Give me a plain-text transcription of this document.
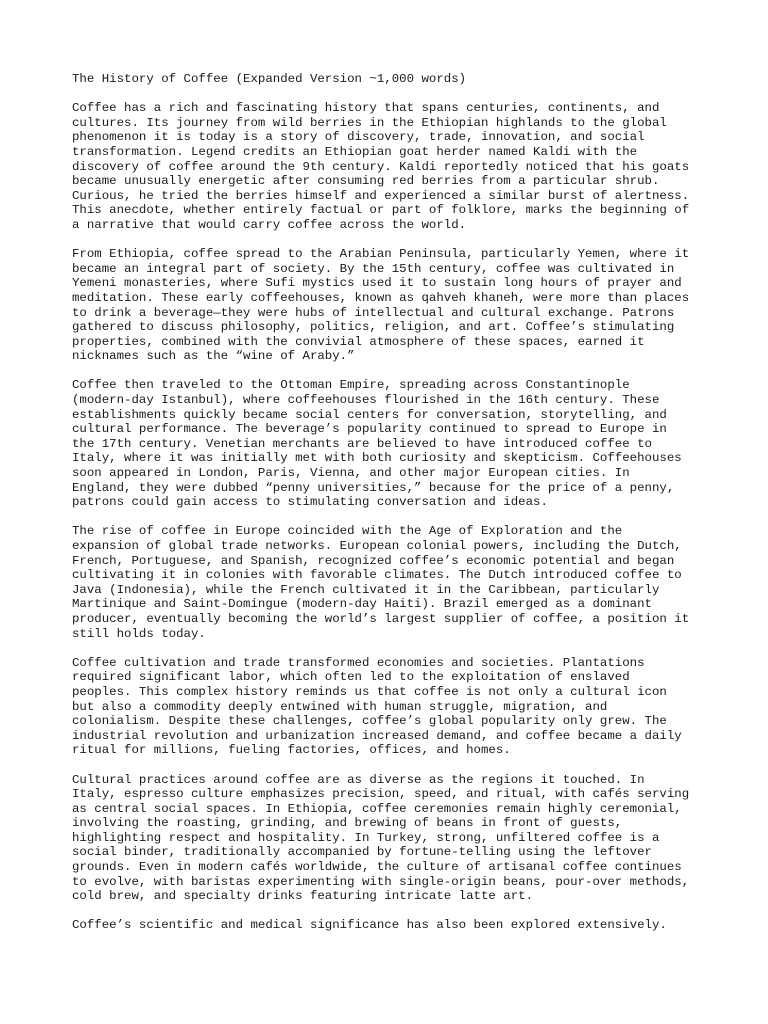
The History of Coffee (Expanded Version ~1,000 words)
Coffee has a rich and fascinating history that spans centuries, continents, and
cultures. Its journey from wild berries in the Ethiopian highlands to the global
phenomenon it is today is a story of discovery, trade, innovation, and social
transformation. Legend credits an Ethiopian goat herder named Kaldi with the
discovery of coffee around the 9th century. Kaldi reportedly noticed that his goats
became unusually energetic after consuming red berries from a particular shrub.
Curious, he tried the berries himself and experienced a similar burst of alertness.
This anecdote, whether entirely factual or part of folklore, marks the beginning of
a narrative that would carry coffee across the world.
From Ethiopia, coffee spread to the Arabian Peninsula, particularly Yemen, where it
became an integral part of society. By the 15th century, coffee was cultivated in
Yemeni monasteries, where Sufi mystics used it to sustain long hours of prayer and
meditation. These early coffeehouses, known as qahveh khaneh, were more than places
to drink a beverage—they were hubs of intellectual and cultural exchange. Patrons
gathered to discuss philosophy, politics, religion, and art. Coffee’s stimulating
properties, combined with the convivial atmosphere of these spaces, earned it
nicknames such as the “wine of Araby.”
Coffee then traveled to the Ottoman Empire, spreading across Constantinople
(modern-day Istanbul), where coffeehouses flourished in the 16th century. These
establishments quickly became social centers for conversation, storytelling, and
cultural performance. The beverage’s popularity continued to spread to Europe in
the 17th century. Venetian merchants are believed to have introduced coffee to
Italy, where it was initially met with both curiosity and skepticism. Coffeehouses
soon appeared in London, Paris, Vienna, and other major European cities. In
England, they were dubbed “penny universities,” because for the price of a penny,
patrons could gain access to stimulating conversation and ideas.
The rise of coffee in Europe coincided with the Age of Exploration and the
expansion of global trade networks. European colonial powers, including the Dutch,
French, Portuguese, and Spanish, recognized coffee’s economic potential and began
cultivating it in colonies with favorable climates. The Dutch introduced coffee to
Java (Indonesia), while the French cultivated it in the Caribbean, particularly
Martinique and Saint-Domingue (modern-day Haiti). Brazil emerged as a dominant
producer, eventually becoming the world’s largest supplier of coffee, a position it
still holds today.
Coffee cultivation and trade transformed economies and societies. Plantations
required significant labor, which often led to the exploitation of enslaved
peoples. This complex history reminds us that coffee is not only a cultural icon
but also a commodity deeply entwined with human struggle, migration, and
colonialism. Despite these challenges, coffee’s global popularity only grew. The
industrial revolution and urbanization increased demand, and coffee became a daily
ritual for millions, fueling factories, offices, and homes.
Cultural practices around coffee are as diverse as the regions it touched. In
Italy, espresso culture emphasizes precision, speed, and ritual, with cafés serving
as central social spaces. In Ethiopia, coffee ceremonies remain highly ceremonial,
involving the roasting, grinding, and brewing of beans in front of guests,
highlighting respect and hospitality. In Turkey, strong, unfiltered coffee is a
social binder, traditionally accompanied by fortune-telling using the leftover
grounds. Even in modern cafés worldwide, the culture of artisanal coffee continues
to evolve, with baristas experimenting with single-origin beans, pour-over methods,
cold brew, and specialty drinks featuring intricate latte art.
Coffee’s scientific and medical significance has also been explored extensively.
